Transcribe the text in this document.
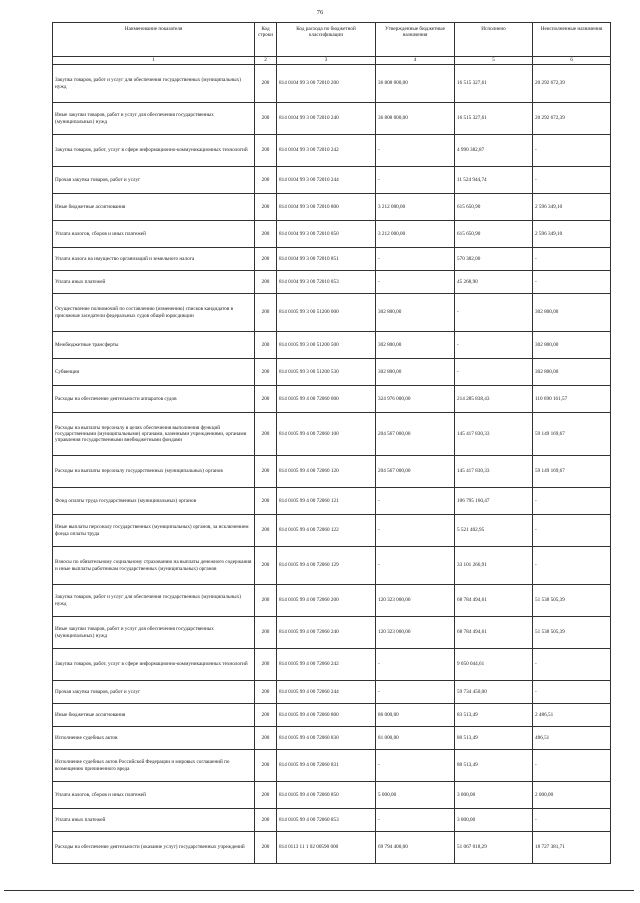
76
Наименование показателя	Код строки	Код расхода по бюджетной классификации	Утвержденные бюджетные назначения	Исполнено	Неисполненные назначения
1	2	3	4	5	6
Закупка товаров, работ и услуг для обеспечения государственных (муниципальных) нужд	200	814 0104 99 3 00 72010 200	36 808 000,00	16 515 327,61	20 292 672,39
Иные закупки товаров, работ и услуг для обеспечения государственных (муниципальных) нужд	200	814 0104 99 3 00 72010 240	36 808 000,00	16 515 327,61	20 292 672,39
Закупка товаров, работ, услуг в сфере информационно-коммуникационных технологий	200	814 0104 99 3 00 72010 242	-	4 990 382,87	-
Прочая закупка товаров, работ и услуг	200	814 0104 99 3 00 72010 244	-	11 524 944,74	-
Иные бюджетные ассигнования	200	814 0104 99 3 00 72010 800	3 212 000,00	615 650,90	2 596 349,10
Уплата налогов, сборов и иных платежей	200	814 0104 99 3 00 72010 850	3 212 000,00	615 650,90	2 596 349,10
Уплата налога на имущество организаций и земельного налога	200	814 0104 99 3 00 72010 851	-	570 382,00	-
Уплата иных платежей	200	814 0104 99 3 00 72010 853	-	45 268,90	-
Осуществление полномочий по составлению (изменению) списков кандидатов в присяжные заседатели федеральных судов общей юрисдикции	200	814 0105 99 3 00 51200 000	302 800,00	-	302 800,00
Межбюджетные трансферты	200	814 0105 99 3 00 51200 500	302 800,00	-	302 800,00
Субвенции	200	814 0105 99 3 00 51200 530	302 800,00	-	302 800,00
Расходы на обеспечение деятельности аппаратов судов	200	814 0105 99 4 00 72060 000	324 976 000,00	214 285 838,43	110 690 161,57
Расходы на выплаты персоналу в целях обеспечения выполнения функций государственными (муниципальными) органами, казенными учреждениями, органами управления государственными внебюджетными фондами	200	814 0105 99 4 00 72060 100	204 567 000,00	145 417 830,33	59 149 169,67
Расходы на выплаты персоналу государственных (муниципальных) органов	200	814 0105 99 4 00 72060 120	204 567 000,00	145 417 830,33	59 149 169,67
Фонд оплаты труда государственных (муниципальных) органов	200	814 0105 99 4 00 72060 121	-	106 795 160,47	-
Иные выплаты персоналу государственных (муниципальных) органов, за исключением фонда оплаты труда	200	814 0105 99 4 00 72060 122	-	5 521 402,95	-
Взносы по обязательному социальному страхованию на выплаты денежного содержания и иные выплаты работникам государственных (муниципальных) органов	200	814 0105 99 4 00 72060 129	-	33 101 266,91	-
Закупка товаров, работ и услуг для обеспечения государственных (муниципальных) нужд	200	814 0105 99 4 00 72060 200	120 323 000,00	68 784 494,61	51 538 505,39
Иные закупки товаров, работ и услуг для обеспечения государственных (муниципальных) нужд	200	814 0105 99 4 00 72060 240	120 323 000,00	68 784 494,61	51 538 505,39
Закупка товаров, работ, услуг в сфере информационно-коммуникационных технологий	200	814 0105 99 4 00 72060 242	-	9 050 044,61	-
Прочая закупка товаров, работ и услуг	200	814 0105 99 4 00 72060 244	-	59 734 450,00	-
Иные бюджетные ассигнования	200	814 0105 99 4 00 72060 800	86 000,00	83 513,49	2 486,51
Исполнение судебных актов	200	814 0105 99 4 00 72060 830	81 000,00	80 513,49	486,51
Исполнение судебных актов Российской Федерации и мировых соглашений по возмещению причиненного вреда	200	814 0105 99 4 00 72060 831	-	80 513,49	-
Уплата налогов, сборов и иных платежей	200	814 0105 99 4 00 72060 850	5 000,00	3 000,00	2 000,00
Уплата иных платежей	200	814 0105 99 4 00 72060 853	-	3 000,00	-
Расходы на обеспечение деятельности (оказание услуг) государственных учреждений	200	814 0113 11 1 02 00590 000	69 794 400,00	51 067 018,29	18 727 381,71
